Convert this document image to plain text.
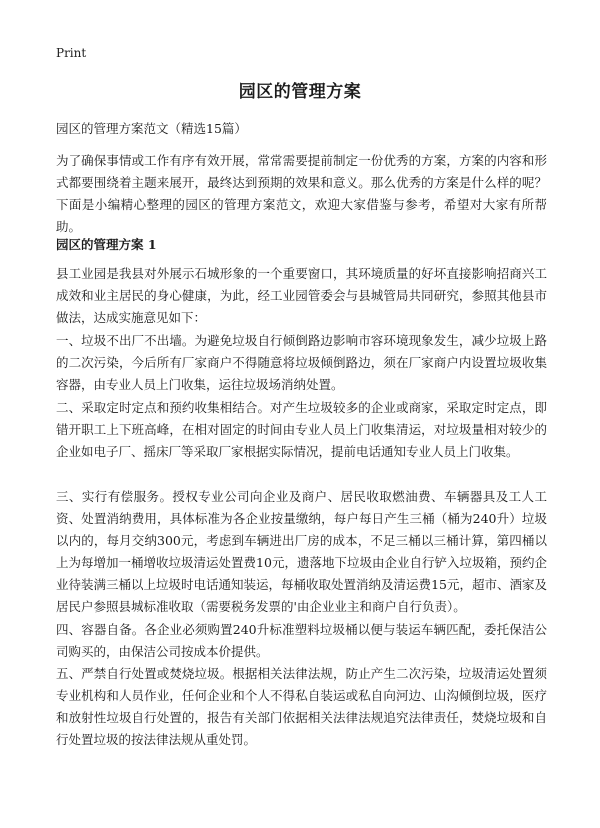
Print
园区的管理方案
园区的管理方案范文（精选15篇）

为了确保事情或工作有序有效开展，常常需要提前制定一份优秀的方案，方案的内容和形式都要围绕着主题来展开，最终达到预期的效果和意义。那么优秀的方案是什么样的呢？下面是小编精心整理的园区的管理方案范文，欢迎大家借鉴与参考，希望对大家有所帮助。

园区的管理方案 1

县工业园是我县对外展示石城形象的一个重要窗口，其环境质量的好坏直接影响招商兴工成效和业主居民的身心健康，为此，经工业园管委会与县城管局共同研究，参照其他县市做法，达成实施意见如下：

一、垃圾不出厂不出墙。为避免垃圾自行倾倒路边影响市容环境现象发生，减少垃圾上路的二次污染，今后所有厂家商户不得随意将垃圾倾倒路边，须在厂家商户内设置垃圾收集容器，由专业人员上门收集，运往垃圾场消纳处置。

二、采取定时定点和预约收集相结合。对产生垃圾较多的企业或商家，采取定时定点，即错开职工上下班高峰，在相对固定的时间由专业人员上门收集清运，对垃圾量相对较少的企业如电子厂、摇床厂等采取厂家根据实际情况，提前电话通知专业人员上门收集。

三、实行有偿服务。授权专业公司向企业及商户、居民收取燃油费、车辆器具及工人工资、处置消纳费用，具体标准为各企业按量缴纳，每户每日产生三桶（桶为240升）垃圾以内的，每月交纳300元，考虑到车辆进出厂房的成本，不足三桶以三桶计算，第四桶以上为每增加一桶增收垃圾清运处置费10元，遗落地下垃圾由企业自行铲入垃圾箱，预约企业待装满三桶以上垃圾时电话通知装运，每桶收取处置消纳及清运费15元，超市、酒家及居民户参照县城标准收取（需要税务发票的'由企业业主和商户自行负责）。

四、容器自备。各企业必须购置240升标准塑料垃圾桶以便与装运车辆匹配，委托保洁公司购买的，由保洁公司按成本价提供。

五、严禁自行处置或焚烧垃圾。根据相关法律法规，防止产生二次污染，垃圾清运处置须专业机构和人员作业，任何企业和个人不得私自装运或私自向河边、山沟倾倒垃圾，医疗和放射性垃圾自行处置的，报告有关部门依据相关法律法规追究法律责任，焚烧垃圾和自行处置垃圾的按法律法规从重处罚。
